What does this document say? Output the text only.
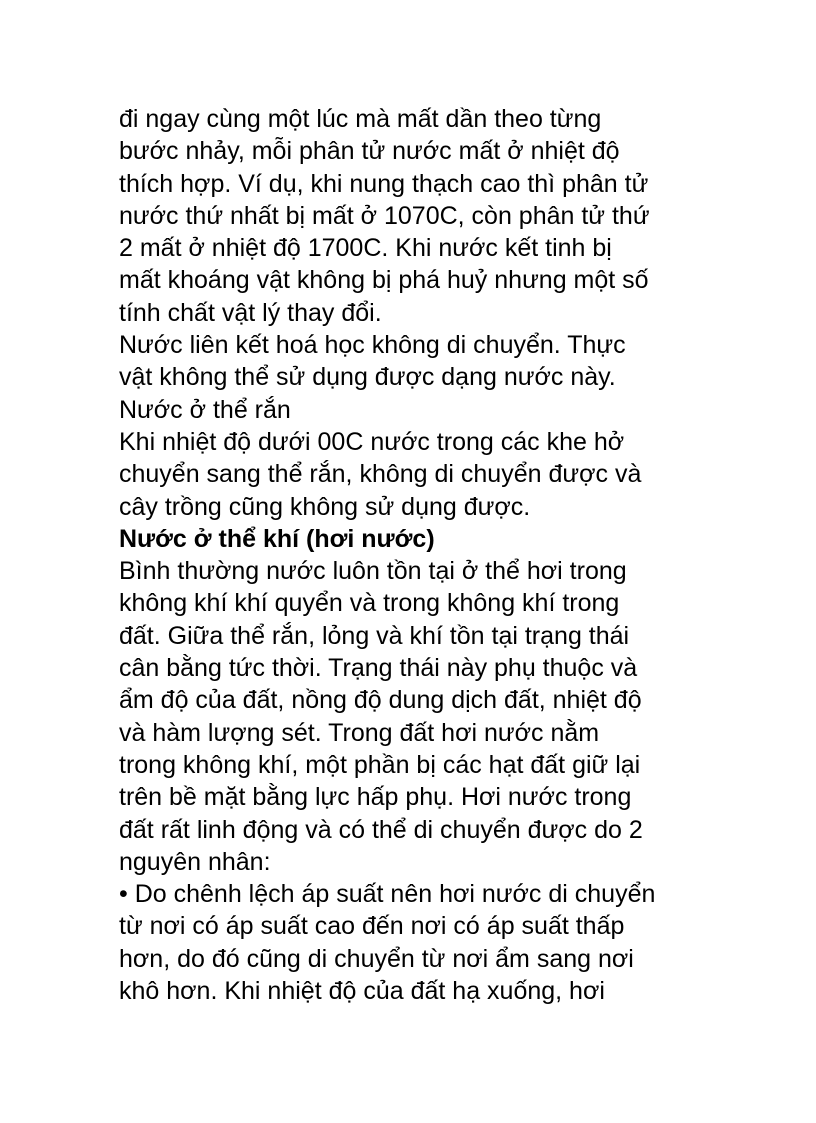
đi ngay cùng một lúc mà mất dần theo từng
bước nhảy, mỗi phân tử nước mất ở nhiệt độ
thích hợp. Ví dụ, khi nung thạch cao thì phân tử
nước thứ nhất bị mất ở 1070C, còn phân tử thứ
2 mất ở nhiệt độ 1700C. Khi nước kết tinh bị
mất khoáng vật không bị phá huỷ nhưng một số
tính chất vật lý thay đổi.
Nước liên kết hoá học không di chuyển. Thực
vật không thể sử dụng được dạng nước này.
Nước ở thể rắn
Khi nhiệt độ dưới 00C nước trong các khe hở
chuyển sang thể rắn, không di chuyển được và
cây trồng cũng không sử dụng được.
Nước ở thể khí (hơi nước)
Bình thường nước luôn tồn tại ở thể hơi trong
không khí khí quyển và trong không khí trong
đất. Giữa thể rắn, lỏng và khí tồn tại trạng thái
cân bằng tức thời. Trạng thái này phụ thuộc và
ẩm độ của đất, nồng độ dung dịch đất, nhiệt độ
và hàm lượng sét. Trong đất hơi nước nằm
trong không khí, một phần bị các hạt đất giữ lại
trên bề mặt bằng lực hấp phụ. Hơi nước trong
đất rất linh động và có thể di chuyển được do 2
nguyên nhân:
• Do chênh lệch áp suất nên hơi nước di chuyển
từ nơi có áp suất cao đến nơi có áp suất thấp
hơn, do đó cũng di chuyển từ nơi ẩm sang nơi
khô hơn. Khi nhiệt độ của đất hạ xuống, hơi
